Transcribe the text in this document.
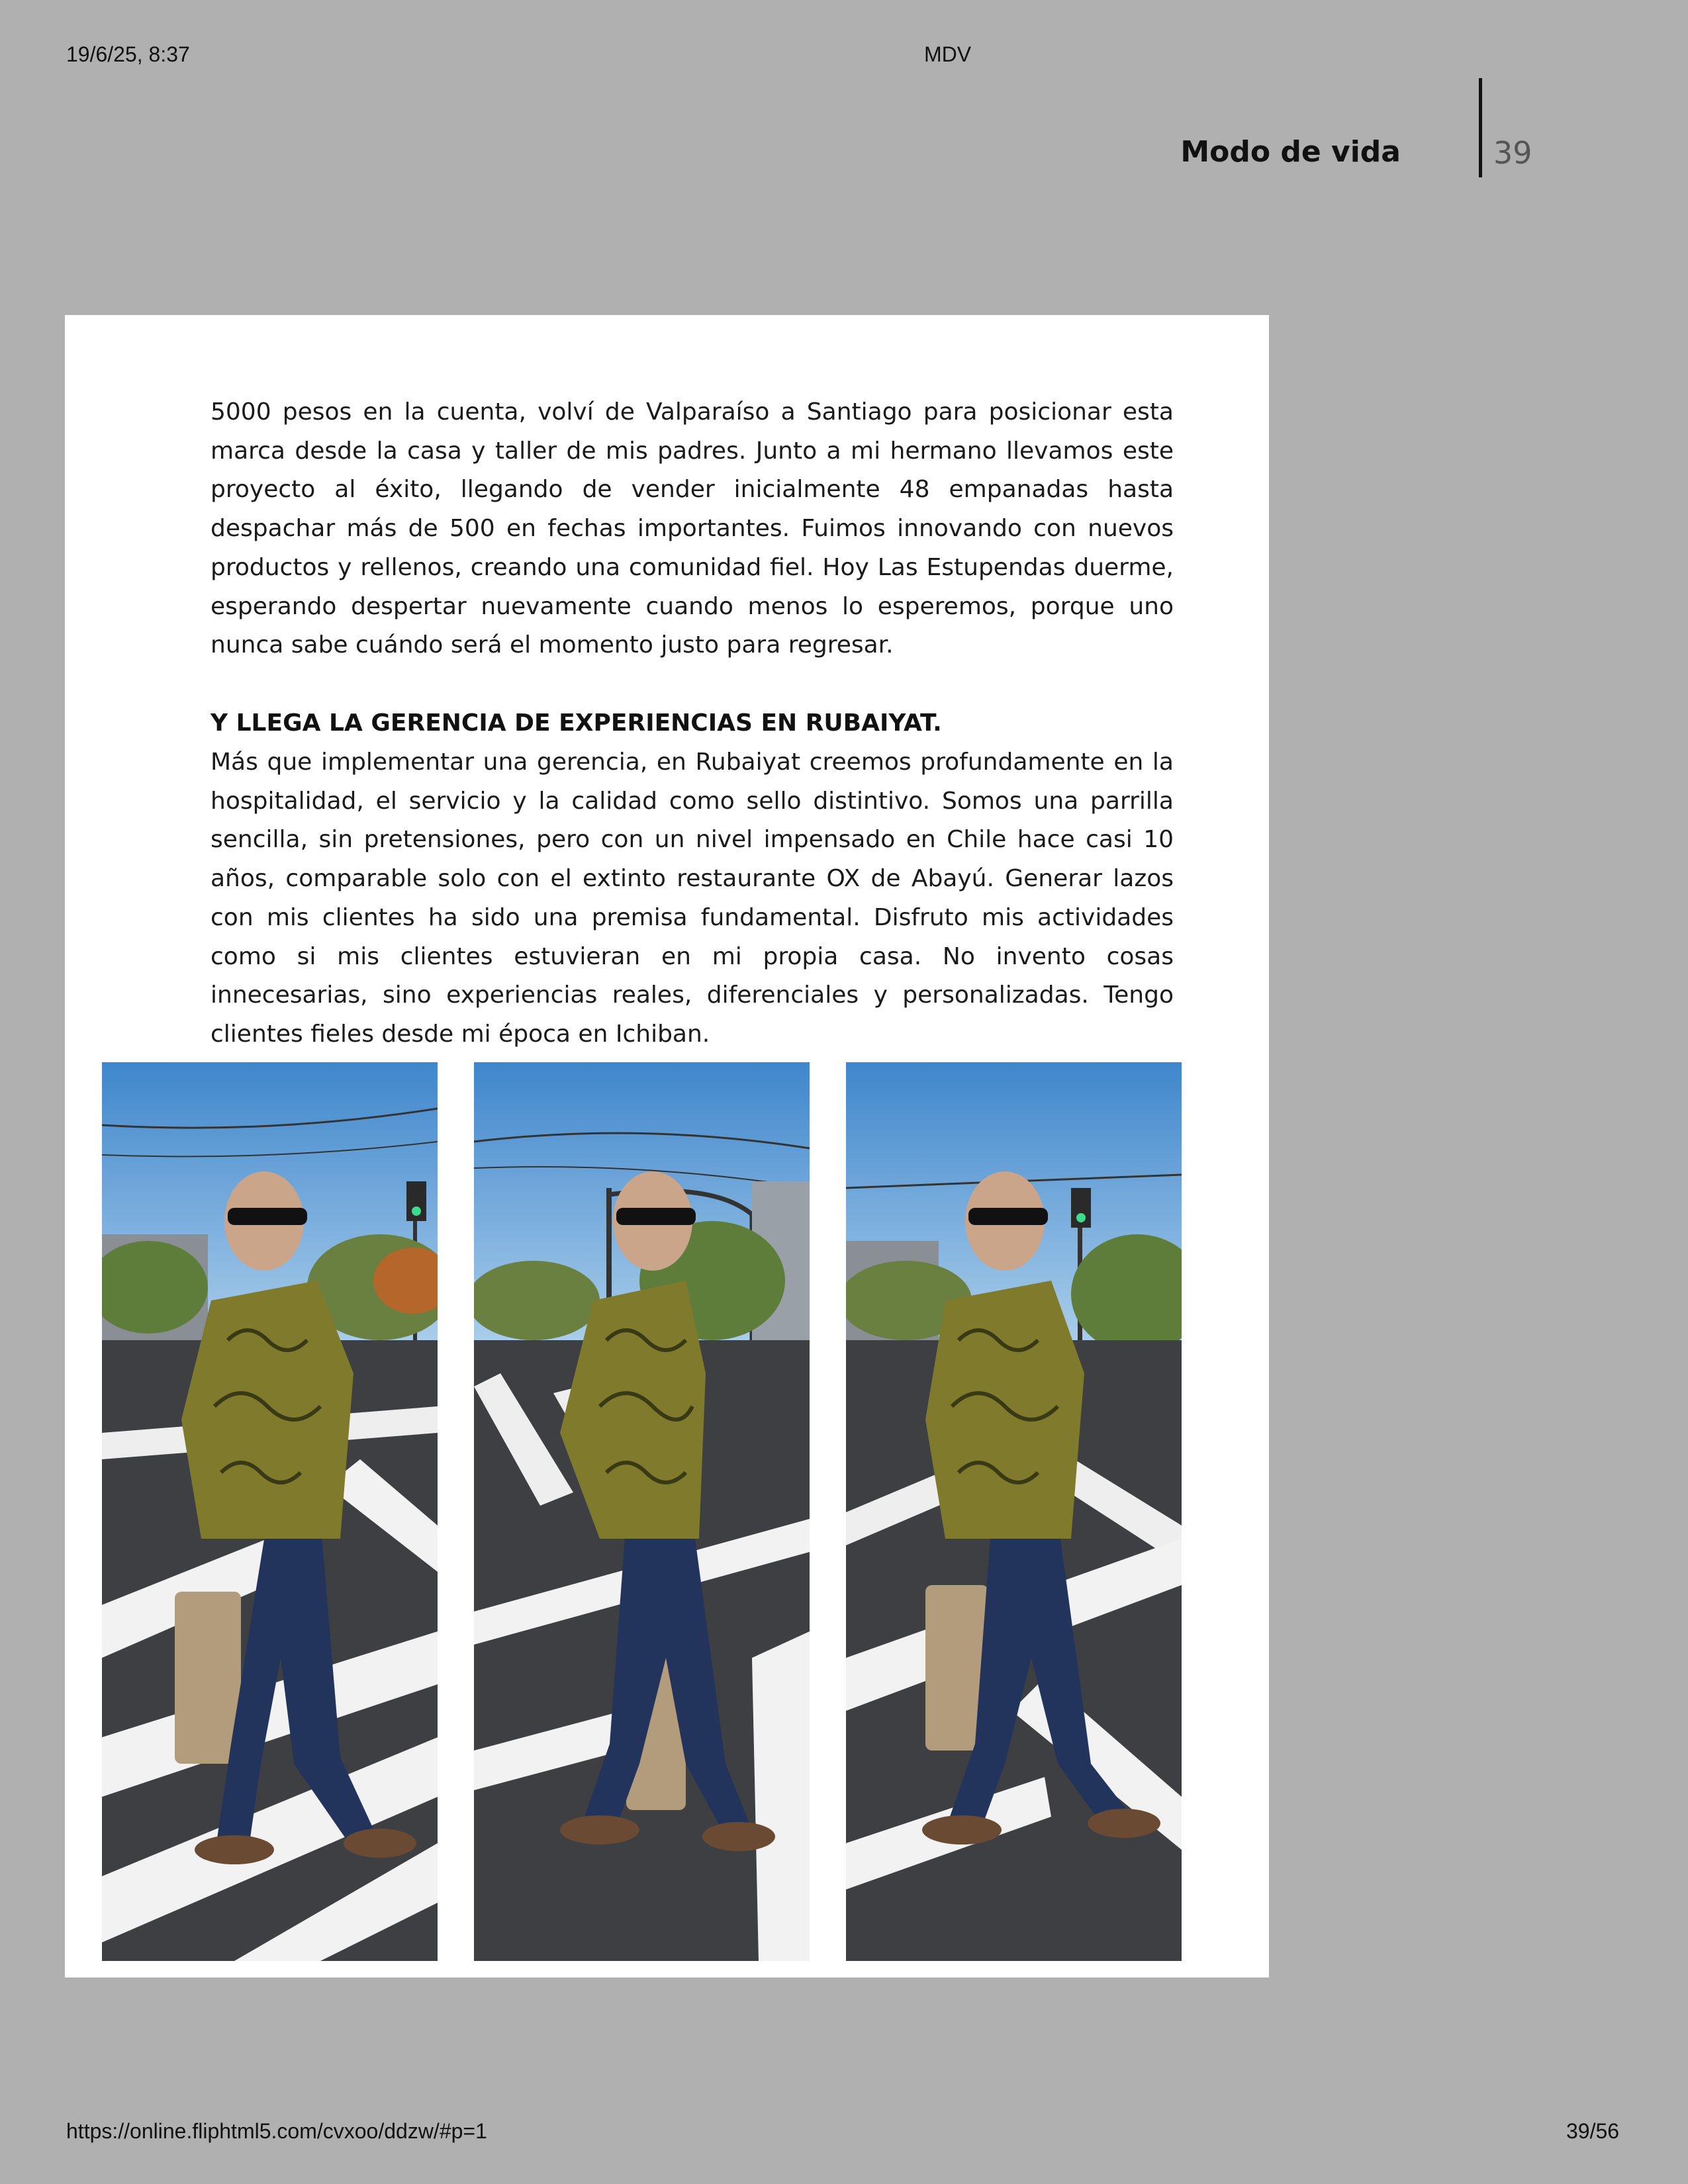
19/6/25, 8:37	MDV
Modo de vida	39

5000 pesos en la cuenta, volví de Valparaíso a Santiago para posicionar esta marca desde la casa y taller de mis padres. Junto a mi hermano llevamos este proyecto al éxito, llegando de vender inicialmente 48 empanadas hasta despachar más de 500 en fechas importantes. Fuimos innovando con nuevos productos y rellenos, creando una comunidad fiel. Hoy Las Estupendas duerme, esperando despertar nuevamente cuando menos lo esperemos, porque uno nunca sabe cuándo será el momento justo para regresar.

Y LLEGA LA GERENCIA DE EXPERIENCIAS EN RUBAIYAT.

Más que implementar una gerencia, en Rubaiyat creemos profundamente en la hospitalidad, el servicio y la calidad como sello distintivo. Somos una parrilla sencilla, sin pretensiones, pero con un nivel impensado en Chile hace casi 10 años, comparable solo con el extinto restaurante OX de Abayú. Generar lazos con mis clientes ha sido una premisa fundamental. Disfruto mis actividades como si mis clientes estuvieran en mi propia casa. No invento cosas innecesarias, sino experiencias reales, diferenciales y personalizadas. Tengo clientes fieles desde mi época en Ichiban.

https://online.fliphtml5.com/cvxoo/ddzw/#p=1	39/56
